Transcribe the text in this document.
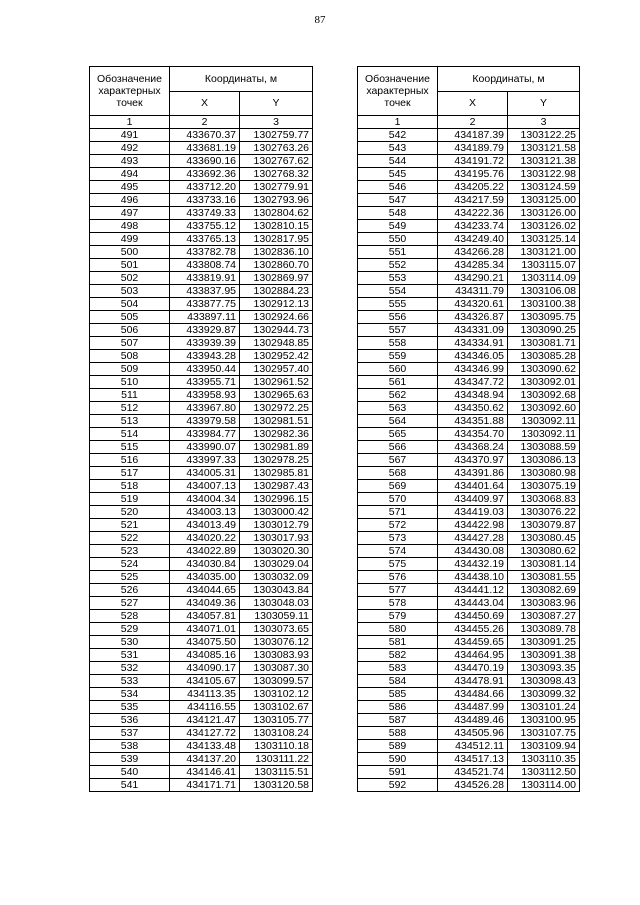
87
Обозначение характерных точек	Координаты, м	
	X	Y
1	2	3
491	433670.37	1302759.77
492	433681.19	1302763.26
493	433690.16	1302767.62
494	433692.36	1302768.32
495	433712.20	1302779.91
496	433733.16	1302793.96
497	433749.33	1302804.62
498	433755.12	1302810.15
499	433765.13	1302817.95
500	433782.78	1302836.10
501	433808.74	1302860.70
502	433819.91	1302869.97
503	433837.95	1302884.23
504	433877.75	1302912.13
505	433897.11	1302924.66
506	433929.87	1302944.73
507	433939.39	1302948.85
508	433943.28	1302952.42
509	433950.44	1302957.40
510	433955.71	1302961.52
511	433958.93	1302965.63
512	433967.80	1302972.25
513	433979.58	1302981.51
514	433984.77	1302982.36
515	433990.07	1302981.89
516	433997.33	1302978.25
517	434005.31	1302985.81
518	434007.13	1302987.43
519	434004.34	1302996.15
520	434003.13	1303000.42
521	434013.49	1303012.79
522	434020.22	1303017.93
523	434022.89	1303020.30
524	434030.84	1303029.04
525	434035.00	1303032.09
526	434044.65	1303043.84
527	434049.36	1303048.03
528	434057.81	1303059.11
529	434071.01	1303073.65
530	434075.50	1303076.12
531	434085.16	1303083.93
532	434090.17	1303087.30
533	434105.67	1303099.57
534	434113.35	1303102.12
535	434116.55	1303102.67
536	434121.47	1303105.77
537	434127.72	1303108.24
538	434133.48	1303110.18
539	434137.20	1303111.22
540	434146.41	1303115.51
541	434171.71	1303120.58
Обозначение характерных точек	Координаты, м	
	X	Y
1	2	3
542	434187.39	1303122.25
543	434189.79	1303121.58
544	434191.72	1303121.38
545	434195.76	1303122.98
546	434205.22	1303124.59
547	434217.59	1303125.00
548	434222.36	1303126.00
549	434233.74	1303126.02
550	434249.40	1303125.14
551	434266.28	1303121.00
552	434285.34	1303115.07
553	434290.21	1303114.09
554	434311.79	1303106.08
555	434320.61	1303100.38
556	434326.87	1303095.75
557	434331.09	1303090.25
558	434334.91	1303081.71
559	434346.05	1303085.28
560	434346.99	1303090.62
561	434347.72	1303092.01
562	434348.94	1303092.68
563	434350.62	1303092.60
564	434351.88	1303092.11
565	434354.70	1303092.11
566	434368.24	1303088.59
567	434370.97	1303086.13
568	434391.86	1303080.98
569	434401.64	1303075.19
570	434409.97	1303068.83
571	434419.03	1303076.22
572	434422.98	1303079.87
573	434427.28	1303080.45
574	434430.08	1303080.62
575	434432.19	1303081.14
576	434438.10	1303081.55
577	434441.12	1303082.69
578	434443.04	1303083.96
579	434450.69	1303087.27
580	434455.26	1303089.78
581	434459.65	1303091.25
582	434464.95	1303091.38
583	434470.19	1303093.35
584	434478.91	1303098.43
585	434484.66	1303099.32
586	434487.99	1303101.24
587	434489.46	1303100.95
588	434505.96	1303107.75
589	434512.11	1303109.94
590	434517.13	1303110.35
591	434521.74	1303112.50
592	434526.28	1303114.00
